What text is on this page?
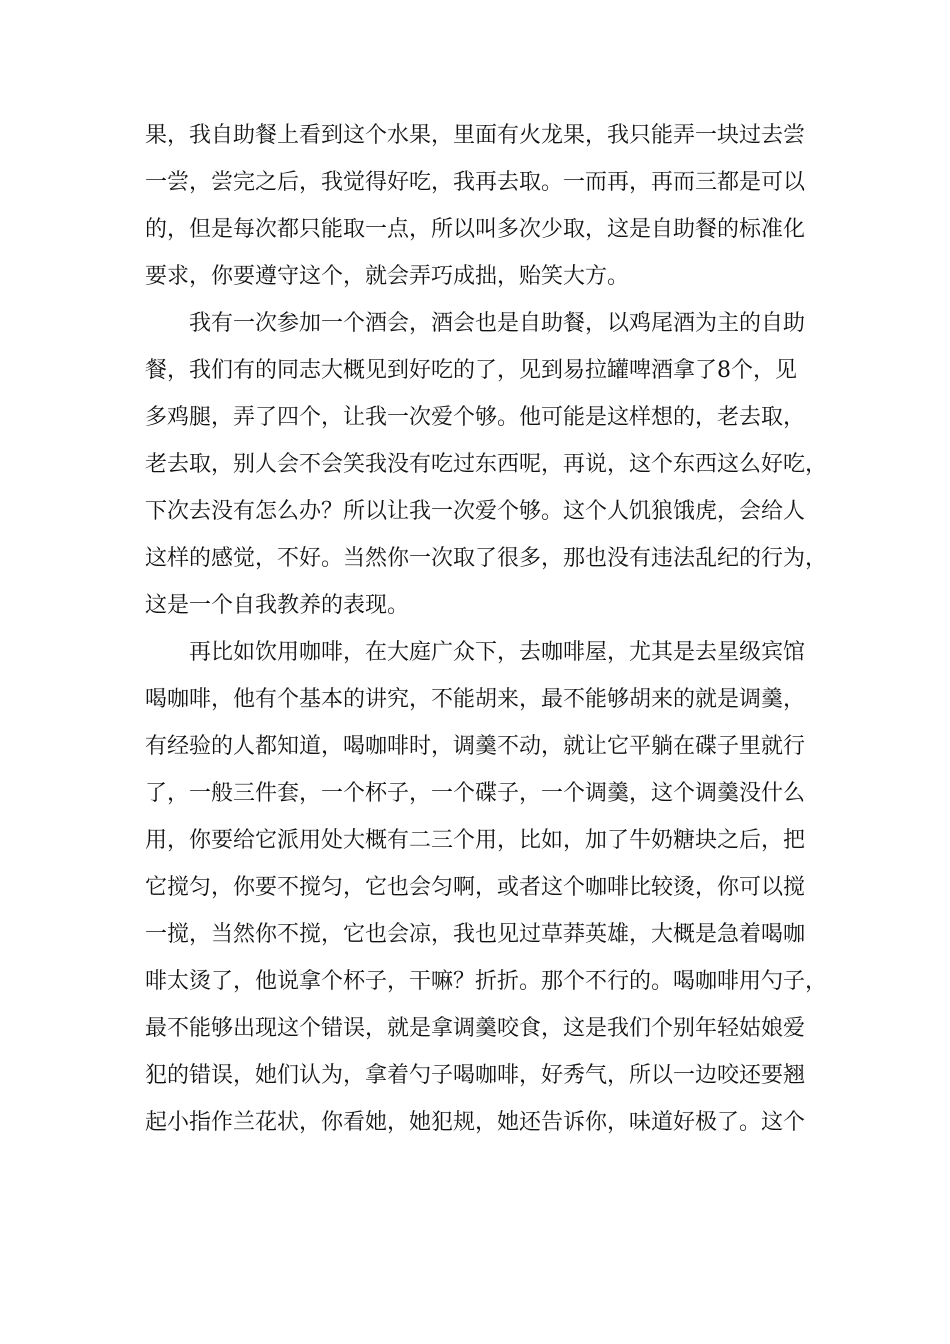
果，我自助餐上看到这个水果，里面有火龙果，我只能弄一块过去尝
一尝，尝完之后，我觉得好吃，我再去取。一而再，再而三都是可以
的，但是每次都只能取一点，所以叫多次少取，这是自助餐的标准化
要求，你要遵守这个，就会弄巧成拙，贻笑大方。
　　我有一次参加一个酒会，酒会也是自助餐，以鸡尾酒为主的自助
餐，我们有的同志大概见到好吃的了，见到易拉罐啤酒拿了8个，见
多鸡腿，弄了四个，让我一次爱个够。他可能是这样想的，老去取，
老去取，别人会不会笑我没有吃过东西呢，再说，这个东西这么好吃，
下次去没有怎么办？所以让我一次爱个够。这个人饥狼饿虎，会给人
这样的感觉，不好。当然你一次取了很多，那也没有违法乱纪的行为，
这是一个自我教养的表现。
　　再比如饮用咖啡，在大庭广众下，去咖啡屋，尤其是去星级宾馆
喝咖啡，他有个基本的讲究，不能胡来，最不能够胡来的就是调羹，
有经验的人都知道，喝咖啡时，调羹不动，就让它平躺在碟子里就行
了，一般三件套，一个杯子，一个碟子，一个调羹，这个调羹没什么
用，你要给它派用处大概有二三个用，比如，加了牛奶糖块之后，把
它搅匀，你要不搅匀，它也会匀啊，或者这个咖啡比较烫，你可以搅
一搅，当然你不搅，它也会凉，我也见过草莽英雄，大概是急着喝咖
啡太烫了，他说拿个杯子，干嘛？折折。那个不行的。喝咖啡用勺子，
最不能够出现这个错误，就是拿调羹咬食，这是我们个别年轻姑娘爱
犯的错误，她们认为，拿着勺子喝咖啡，好秀气，所以一边咬还要翘
起小指作兰花状，你看她，她犯规，她还告诉你，味道好极了。这个
